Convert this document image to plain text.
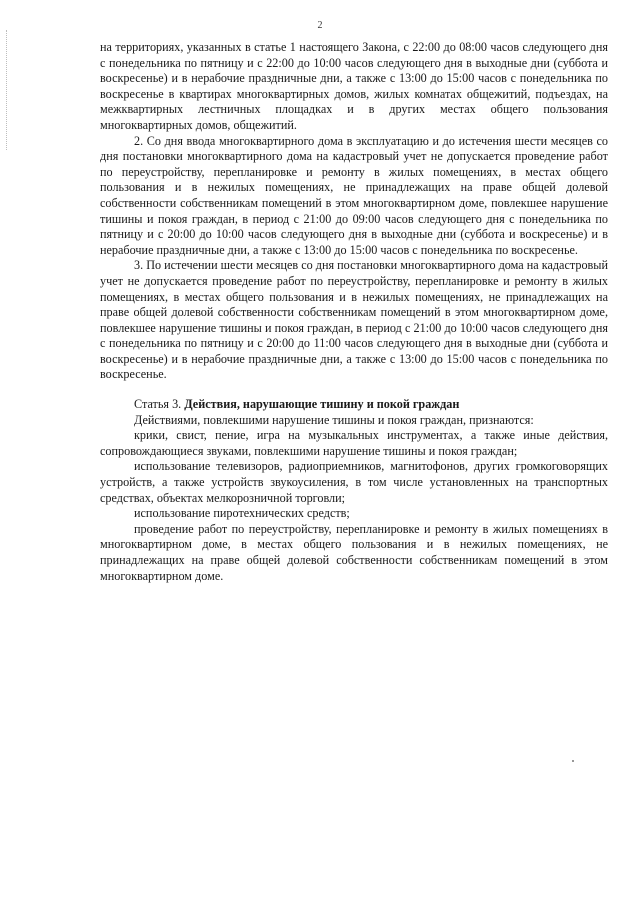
2

на территориях, указанных в статье 1 настоящего Закона, с 22:00 до 08:00 часов следующего дня с понедельника по пятницу и с 22:00 до 10:00 часов следующего дня в выходные дни (суббота и воскресенье) и в нерабочие праздничные дни, а также с 13:00 до 15:00 часов с понедельника по воскресенье в квартирах многоквартирных домов, жилых комнатах общежитий, подъездах, на межквартирных лестничных площадках и в других местах общего пользования многоквартирных домов, общежитий.

2. Со дня ввода многоквартирного дома в эксплуатацию и до истечения шести месяцев со дня постановки многоквартирного дома на кадастровый учет не допускается проведение работ по переустройству, перепланировке и ремонту в жилых помещениях, в местах общего пользования и в нежилых помещениях, не принадлежащих на праве общей долевой собственности собственникам помещений в этом многоквартирном доме, повлекшее нарушение тишины и покоя граждан, в период с 21:00 до 09:00 часов следующего дня с понедельника по пятницу и с 20:00 до 10:00 часов следующего дня в выходные дни (суббота и воскресенье) и в нерабочие праздничные дни, а также с 13:00 до 15:00 часов с понедельника по воскресенье.

3. По истечении шести месяцев со дня постановки многоквартирного дома на кадастровый учет не допускается проведение работ по переустройству, перепланировке и ремонту в жилых помещениях, в местах общего пользования и в нежилых помещениях, не принадлежащих на праве общей долевой собственности собственникам помещений в этом многоквартирном доме, повлекшее нарушение тишины и покоя граждан, в период с 21:00 до 10:00 часов следующего дня с понедельника по пятницу и с 20:00 до 11:00 часов следующего дня в выходные дни (суббота и воскресенье) и в нерабочие праздничные дни, а также с 13:00 до 15:00 часов с понедельника по воскресенье.

Статья 3. Действия, нарушающие тишину и покой граждан

Действиями, повлекшими нарушение тишины и покоя граждан, признаются:

крики, свист, пение, игра на музыкальных инструментах, а также иные действия, сопровождающиеся звуками, повлекшими нарушение тишины и покоя граждан;

использование телевизоров, радиоприемников, магнитофонов, других громкоговорящих устройств, а также устройств звукоусиления, в том числе установленных на транспортных средствах, объектах мелкорозничной торговли;

использование пиротехнических средств;

проведение работ по переустройству, перепланировке и ремонту в жилых помещениях в многоквартирном доме, в местах общего пользования и в нежилых помещениях, не принадлежащих на праве общей долевой собственности собственникам помещений в этом многоквартирном доме.
